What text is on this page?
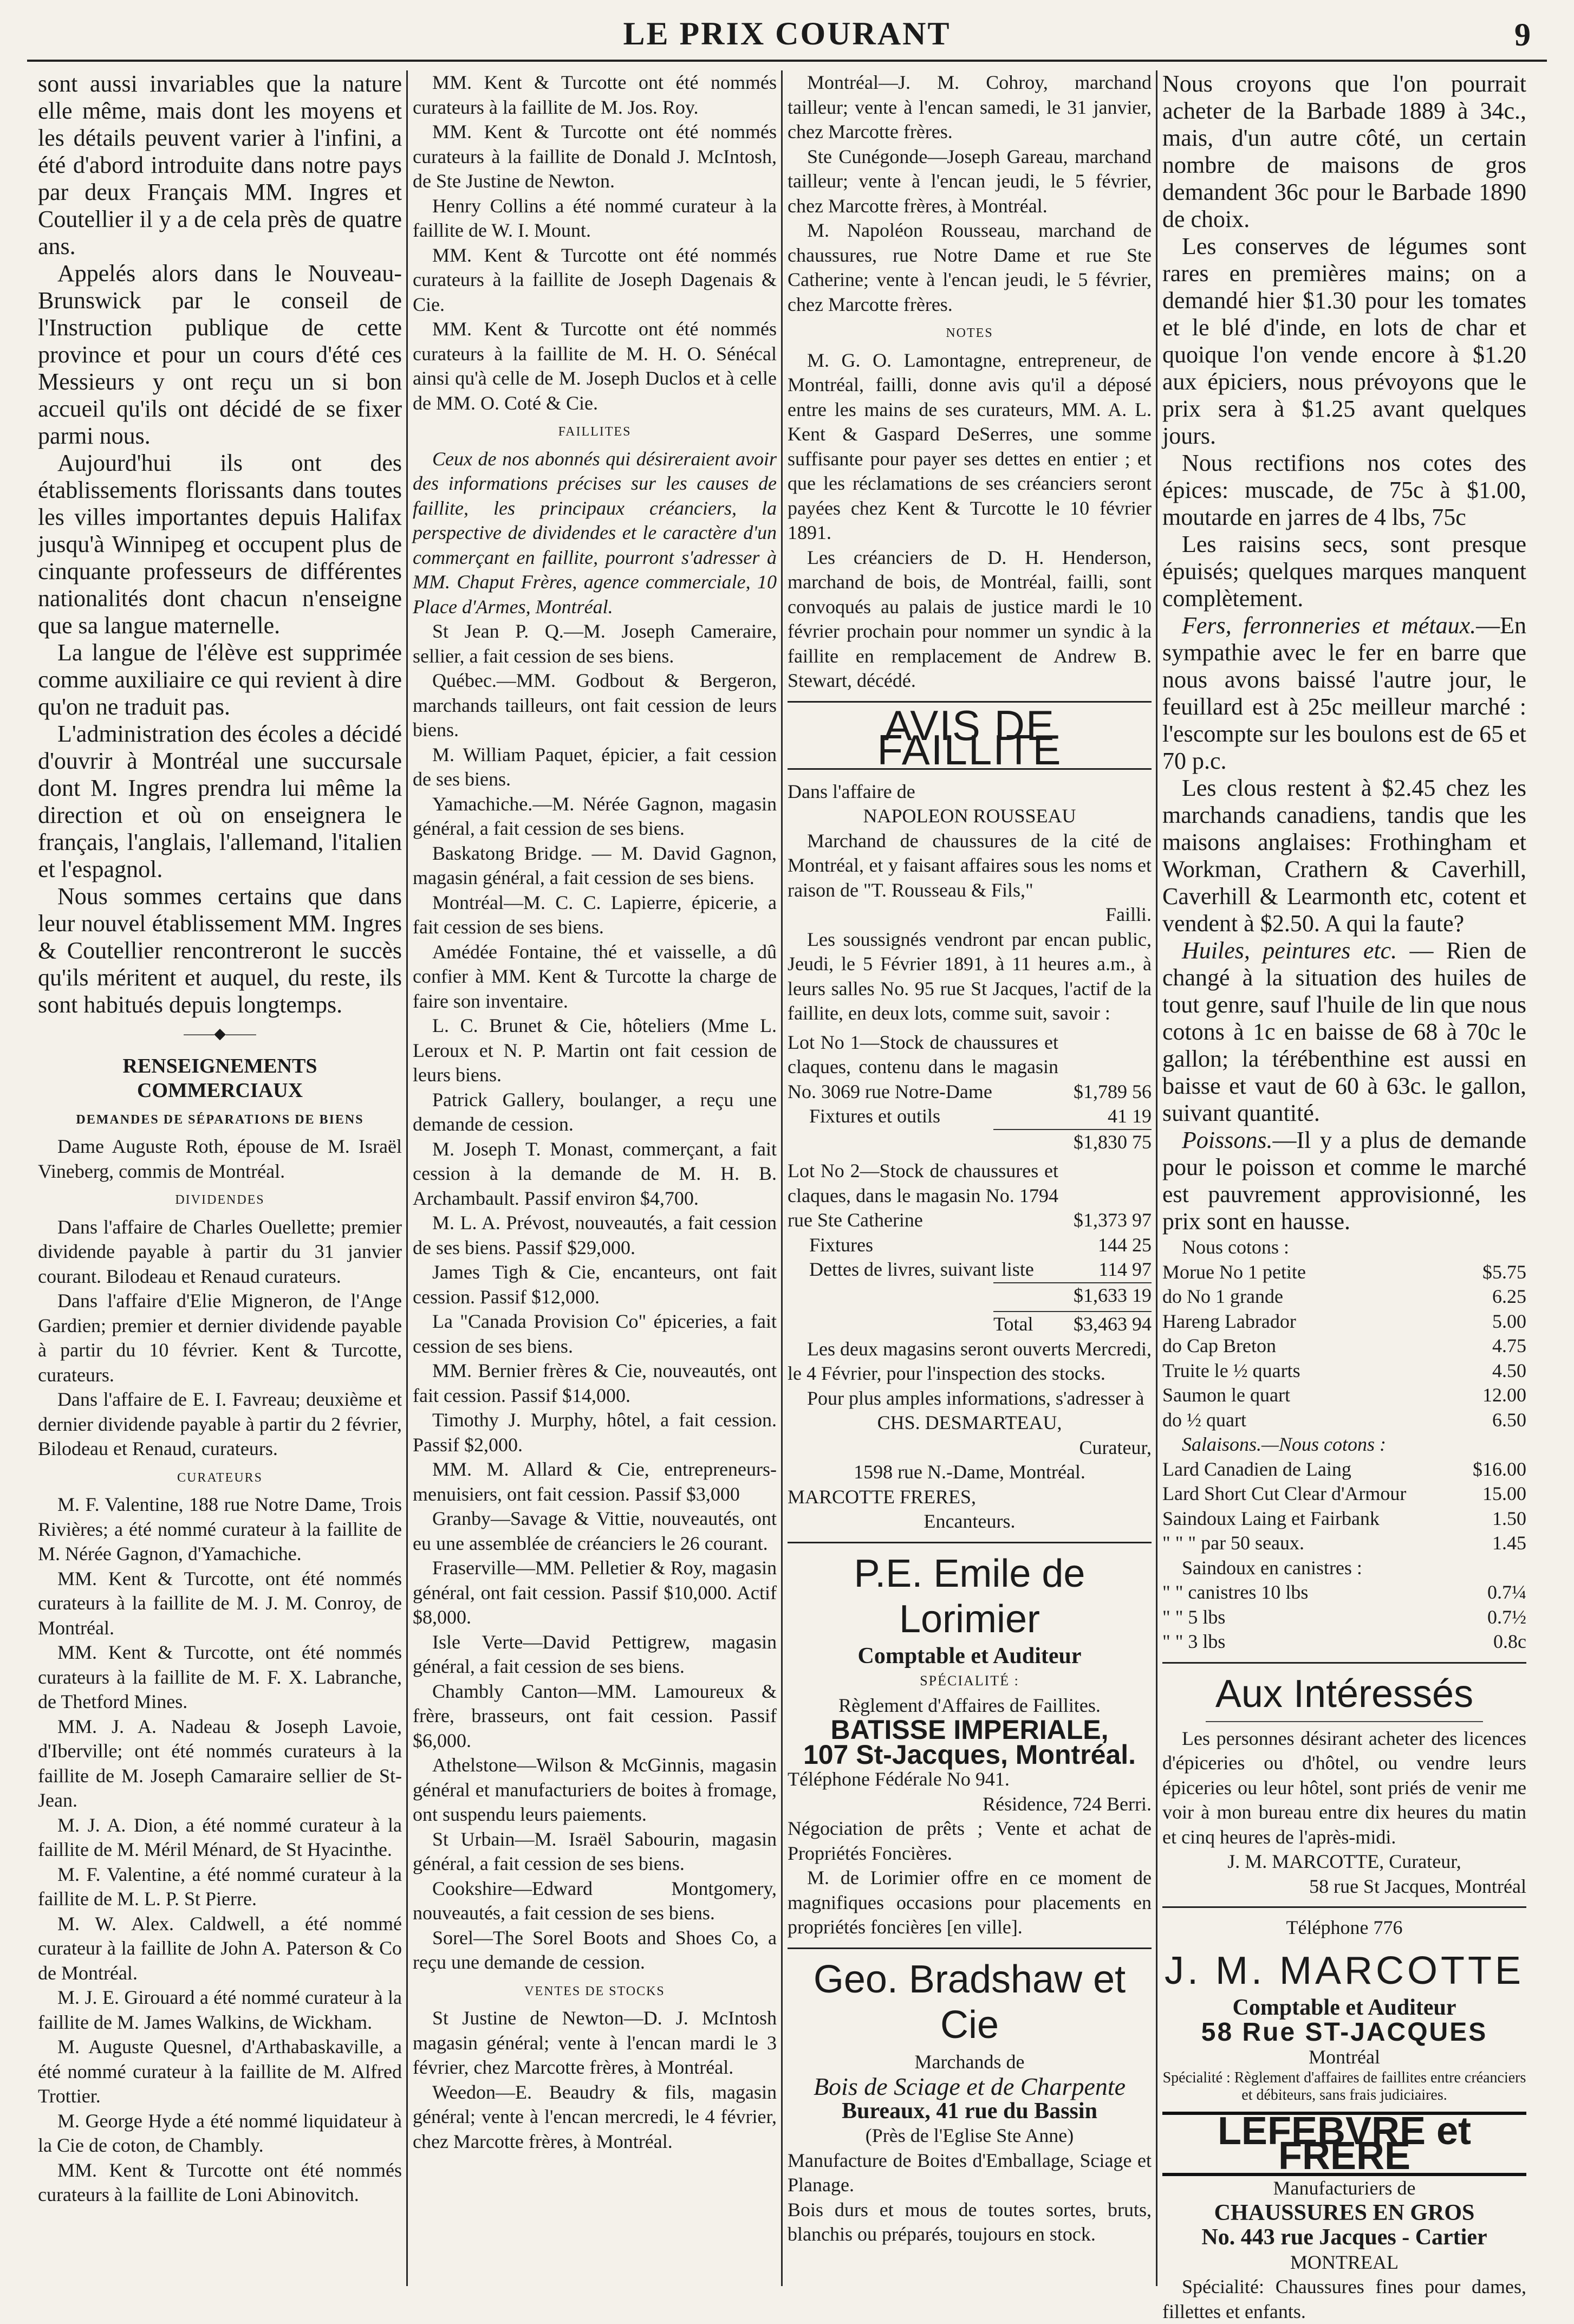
LE PRIX COURANT	9

sont aussi invariables que la nature elle même, mais dont les moyens et les détails peuvent varier à l'infini, a été d'abord introduite dans notre pays par deux Français MM. Ingres et Coutellier il y a de cela près de quatre ans.

Appelés alors dans le Nouveau-Brunswick par le conseil de l'Instruction publique de cette province et pour un cours d'été ces Messieurs y ont reçu un si bon accueil qu'ils ont décidé de se fixer parmi nous.

Aujourd'hui ils ont des établissements florissants dans toutes les villes importantes depuis Halifax jusqu'à Winnipeg et occupent plus de cinquante professeurs de différentes nationalités dont chacun n'enseigne que sa langue maternelle.

La langue de l'élève est supprimée comme auxiliaire ce qui revient à dire qu'on ne traduit pas.

L'administration des écoles a décidé d'ouvrir à Montréal une succursale dont M. Ingres prendra lui même la direction et où on enseignera le français, l'anglais, l'allemand, l'italien et l'espagnol.

Nous sommes certains que dans leur nouvel établissement MM. Ingres & Coutellier rencontreront le succès qu'ils méritent et auquel, du reste, ils sont habitués depuis longtemps.

——◆——
RENSEIGNEMENTS COMMERCIAUX
DEMANDES DE SÉPARATIONS DE BIENS

Dame Auguste Roth, épouse de M. Israël Vineberg, commis de Montréal.

DIVIDENDES

Dans l'affaire de Charles Ouellette; premier dividende payable à partir du 31 janvier courant. Bilodeau et Renaud curateurs.

Dans l'affaire d'Elie Migneron, de l'Ange Gardien; premier et dernier dividende payable à partir du 10 février. Kent & Turcotte, curateurs.

Dans l'affaire de E. I. Favreau; deuxième et dernier dividende payable à partir du 2 février, Bilodeau et Renaud, curateurs.

CURATEURS

M. F. Valentine, 188 rue Notre Dame, Trois Rivières; a été nommé curateur à la faillite de M. Nérée Gagnon, d'Yamachiche.

MM. Kent & Turcotte, ont été nommés curateurs à la faillite de M. J. M. Conroy, de Montréal.

MM. Kent & Turcotte, ont été nommés curateurs à la faillite de M. F. X. Labranche, de Thetford Mines.

MM. J. A. Nadeau & Joseph Lavoie, d'Iberville; ont été nommés curateurs à la faillite de M. Joseph Camaraire sellier de St-Jean.

M. J. A. Dion, a été nommé curateur à la faillite de M. Méril Ménard, de St Hyacinthe.

M. F. Valentine, a été nommé curateur à la faillite de M. L. P. St Pierre.

M. W. Alex. Caldwell, a été nommé curateur à la faillite de John A. Paterson & Co de Montréal.

M. J. E. Girouard a été nommé curateur à la faillite de M. James Walkins, de Wickham.

M. Auguste Quesnel, d'Arthabaskaville, a été nommé curateur à la faillite de M. Alfred Trottier.

M. George Hyde a été nommé liquidateur à la Cie de coton, de Chambly.

MM. Kent & Turcotte ont été nommés curateurs à la faillite de Loni Abinovitch.

MM. Kent & Turcotte ont été nommés curateurs à la faillite de M. Jos. Roy.

MM. Kent & Turcotte ont été nommés curateurs à la faillite de Donald J. McIntosh, de Ste Justine de Newton.

Henry Collins a été nommé curateur à la faillite de W. I. Mount.

MM. Kent & Turcotte ont été nommés curateurs à la faillite de Joseph Dagenais & Cie.

MM. Kent & Turcotte ont été nommés curateurs à la faillite de M. H. O. Sénécal ainsi qu'à celle de M. Joseph Duclos et à celle de MM. O. Coté & Cie.

FAILLITES

Ceux de nos abonnés qui désireraient avoir des informations précises sur les causes de faillite, les principaux créanciers, la perspective de dividendes et le caractère d'un commerçant en faillite, pourront s'adresser à MM. Chaput Frères, agence commerciale, 10 Place d'Armes, Montréal.

St Jean P. Q.—M. Joseph Cameraire, sellier, a fait cession de ses biens.

Québec.—MM. Godbout & Bergeron, marchands tailleurs, ont fait cession de leurs biens.

M. William Paquet, épicier, a fait cession de ses biens.

Yamachiche.—M. Nérée Gagnon, magasin général, a fait cession de ses biens.

Baskatong Bridge. — M. David Gagnon, magasin général, a fait cession de ses biens.

Montréal—M. C. C. Lapierre, épicerie, a fait cession de ses biens.

Amédée Fontaine, thé et vaisselle, a dû confier à MM. Kent & Turcotte la charge de faire son inventaire.

L. C. Brunet & Cie, hôteliers (Mme L. Leroux et N. P. Martin ont fait cession de leurs biens.

Patrick Gallery, boulanger, a reçu une demande de cession.

M. Joseph T. Monast, commerçant, a fait cession à la demande de M. H. B. Archambault. Passif environ $4,700.

M. L. A. Prévost, nouveautés, a fait cession de ses biens. Passif $29,000.

James Tigh & Cie, encanteurs, ont fait cession. Passif $12,000.

La "Canada Provision Co" épiceries, a fait cession de ses biens.

MM. Bernier frères & Cie, nouveautés, ont fait cession. Passif $14,000.

Timothy J. Murphy, hôtel, a fait cession. Passif $2,000.

MM. M. Allard & Cie, entrepreneurs-menuisiers, ont fait cession. Passif $3,000

Granby—Savage & Vittie, nouveautés, ont eu une assemblée de créanciers le 26 courant.

Fraserville—MM. Pelletier & Roy, magasin général, ont fait cession. Passif $10,000. Actif $8,000.

Isle Verte—David Pettigrew, magasin général, a fait cession de ses biens.

Chambly Canton—MM. Lamoureux & frère, brasseurs, ont fait cession. Passif $6,000.

Athelstone—Wilson & McGinnis, magasin général et manufacturiers de boites à fromage, ont suspendu leurs paiements.

St Urbain—M. Israël Sabourin, magasin général, a fait cession de ses biens.

Cookshire—Edward Montgomery, nouveautés, a fait cession de ses biens.

Sorel—The Sorel Boots and Shoes Co, a reçu une demande de cession.

VENTES DE STOCKS

St Justine de Newton—D. J. McIntosh magasin général; vente à l'encan mardi le 3 février, chez Marcotte frères, à Montréal.

Weedon—E. Beaudry & fils, magasin général; vente à l'encan mercredi, le 4 février, chez Marcotte frères, à Montréal.

Montréal—J. M. Cohroy, marchand tailleur; vente à l'encan samedi, le 31 janvier, chez Marcotte frères.

Ste Cunégonde—Joseph Gareau, marchand tailleur; vente à l'encan jeudi, le 5 février, chez Marcotte frères, à Montréal.

M. Napoléon Rousseau, marchand de chaussures, rue Notre Dame et rue Ste Catherine; vente à l'encan jeudi, le 5 février, chez Marcotte frères.

NOTES

M. G. O. Lamontagne, entrepreneur, de Montréal, failli, donne avis qu'il a déposé entre les mains de ses curateurs, MM. A. L. Kent & Gaspard DeSerres, une somme suffisante pour payer ses dettes en entier ; et que les réclamations de ses créanciers seront payées chez Kent & Turcotte le 10 février 1891.

Les créanciers de D. H. Henderson, marchand de bois, de Montréal, failli, sont convoqués au palais de justice mardi le 10 février prochain pour nommer un syndic à la faillite en remplacement de Andrew B. Stewart, décédé.

AVIS DE FAILLITE

Dans l'affaire de

NAPOLEON ROUSSEAU

Marchand de chaussures de la cité de Montréal, et y faisant affaires sous les noms et raison de "T. Rousseau & Fils,"

Failli.

Les soussignés vendront par encan public, Jeudi, le 5 Février 1891, à 11 heures a.m., à leurs salles No. 95 rue St Jacques, l'actif de la faillite, en deux lots, comme suit, savoir :

Lot No 1—Stock de chaussures et claques, contenu dans le magasin No. 3069 rue Notre-Dame	$1,789 56
Fixtures et outils	41 19
$1,830 75
Lot No 2—Stock de chaussures et claques, dans le magasin No. 1794 rue Ste Catherine	$1,373 97
Fixtures	144 25
Dettes de livres, suivant liste	114 97
$1,633 19
Total $3,463 94

Les deux magasins seront ouverts Mercredi, le 4 Février, pour l'inspection des stocks.

Pour plus amples informations, s'adresser à

CHS. DESMARTEAU,

Curateur,

1598 rue N.-Dame, Montréal.

MARCOTTE FRERES,

Encanteurs.

P.E. Emile de Lorimier
Comptable et Auditeur
SPÉCIALITÉ :

Règlement d'Affaires de Faillites.

BATISSE IMPERIALE,
107 St-Jacques, Montréal.

Téléphone Fédérale No 941.

Résidence, 724 Berri.

Négociation de prêts ; Vente et achat de Propriétés Foncières.

M. de Lorimier offre en ce moment de magnifiques occasions pour placements en propriétés foncières [en ville].

Geo. Bradshaw et Cie

Marchands de

Bois de Sciage et de Charpente
Bureaux, 41 rue du Bassin

(Près de l'Eglise Ste Anne)

Manufacture de Boites d'Emballage, Sciage et Planage.

Bois durs et mous de toutes sortes, bruts, blanchis ou préparés, toujours en stock.

Nous croyons que l'on pourrait acheter de la Barbade 1889 à 34c., mais, d'un autre côté, un certain nombre de maisons de gros demandent 36c pour le Barbade 1890 de choix.

Les conserves de légumes sont rares en premières mains; on a demandé hier $1.30 pour les tomates et le blé d'inde, en lots de char et quoique l'on vende encore à $1.20 aux épiciers, nous prévoyons que le prix sera à $1.25 avant quelques jours.

Nous rectifions nos cotes des épices: muscade, de 75c à $1.00, moutarde en jarres de 4 lbs, 75c

Les raisins secs, sont presque épuisés; quelques marques manquent complètement.

Fers, ferronneries et métaux.—En sympathie avec le fer en barre que nous avons baissé l'autre jour, le feuillard est à 25c meilleur marché : l'escompte sur les boulons est de 65 et 70 p.c.

Les clous restent à $2.45 chez les marchands canadiens, tandis que les maisons anglaises: Frothingham et Workman, Crathern & Caverhill, Caverhill & Learmonth etc, cotent et vendent à $2.50. A qui la faute?

Huiles, peintures etc. — Rien de changé à la situation des huiles de tout genre, sauf l'huile de lin que nous cotons à 1c en baisse de 68 à 70c le gallon; la térébenthine est aussi en baisse et vaut de 60 à 63c. le gallon, suivant quantité.

Poissons.—Il y a plus de demande pour le poisson et comme le marché est pauvrement approvisionné, les prix sont en hausse.

Nous cotons :

Morue No 1 petite	$5.75
do No 1 grande	6.25
Hareng Labrador	5.00
do Cap Breton	4.75
Truite le ½ quarts	4.50
Saumon le quart	12.00
do ½ quart	6.50

Salaisons.—Nous cotons :

Lard Canadien de Laing	$16.00
Lard Short Cut Clear d'Armour	15.00
Saindoux Laing et Fairbank	1.50
" " " par 50 seaux.	1.45

Saindoux en canistres :

" " canistres 10 lbs	0.7¼
" " 5 lbs	0.7½
" " 3 lbs	0.8c
Aux Intéressés

Les personnes désirant acheter des licences d'épiceries ou d'hôtel, ou vendre leurs épiceries ou leur hôtel, sont priés de venir me voir à mon bureau entre dix heures du matin et cinq heures de l'après-midi.

J. M. MARCOTTE, Curateur,

58 rue St Jacques, Montréal

Téléphone 776

J. M. MARCOTTE
Comptable et Auditeur
58 Rue ST-JACQUES

Montréal

Spécialité : Règlement d'affaires de faillites entre créanciers et débiteurs, sans frais judiciaires.

LEFEBVRE et FRERE

Manufacturiers de

CHAUSSURES EN GROS
No. 443 rue Jacques - Cartier

MONTREAL

Spécialité: Chaussures fines pour dames, fillettes et enfants.
